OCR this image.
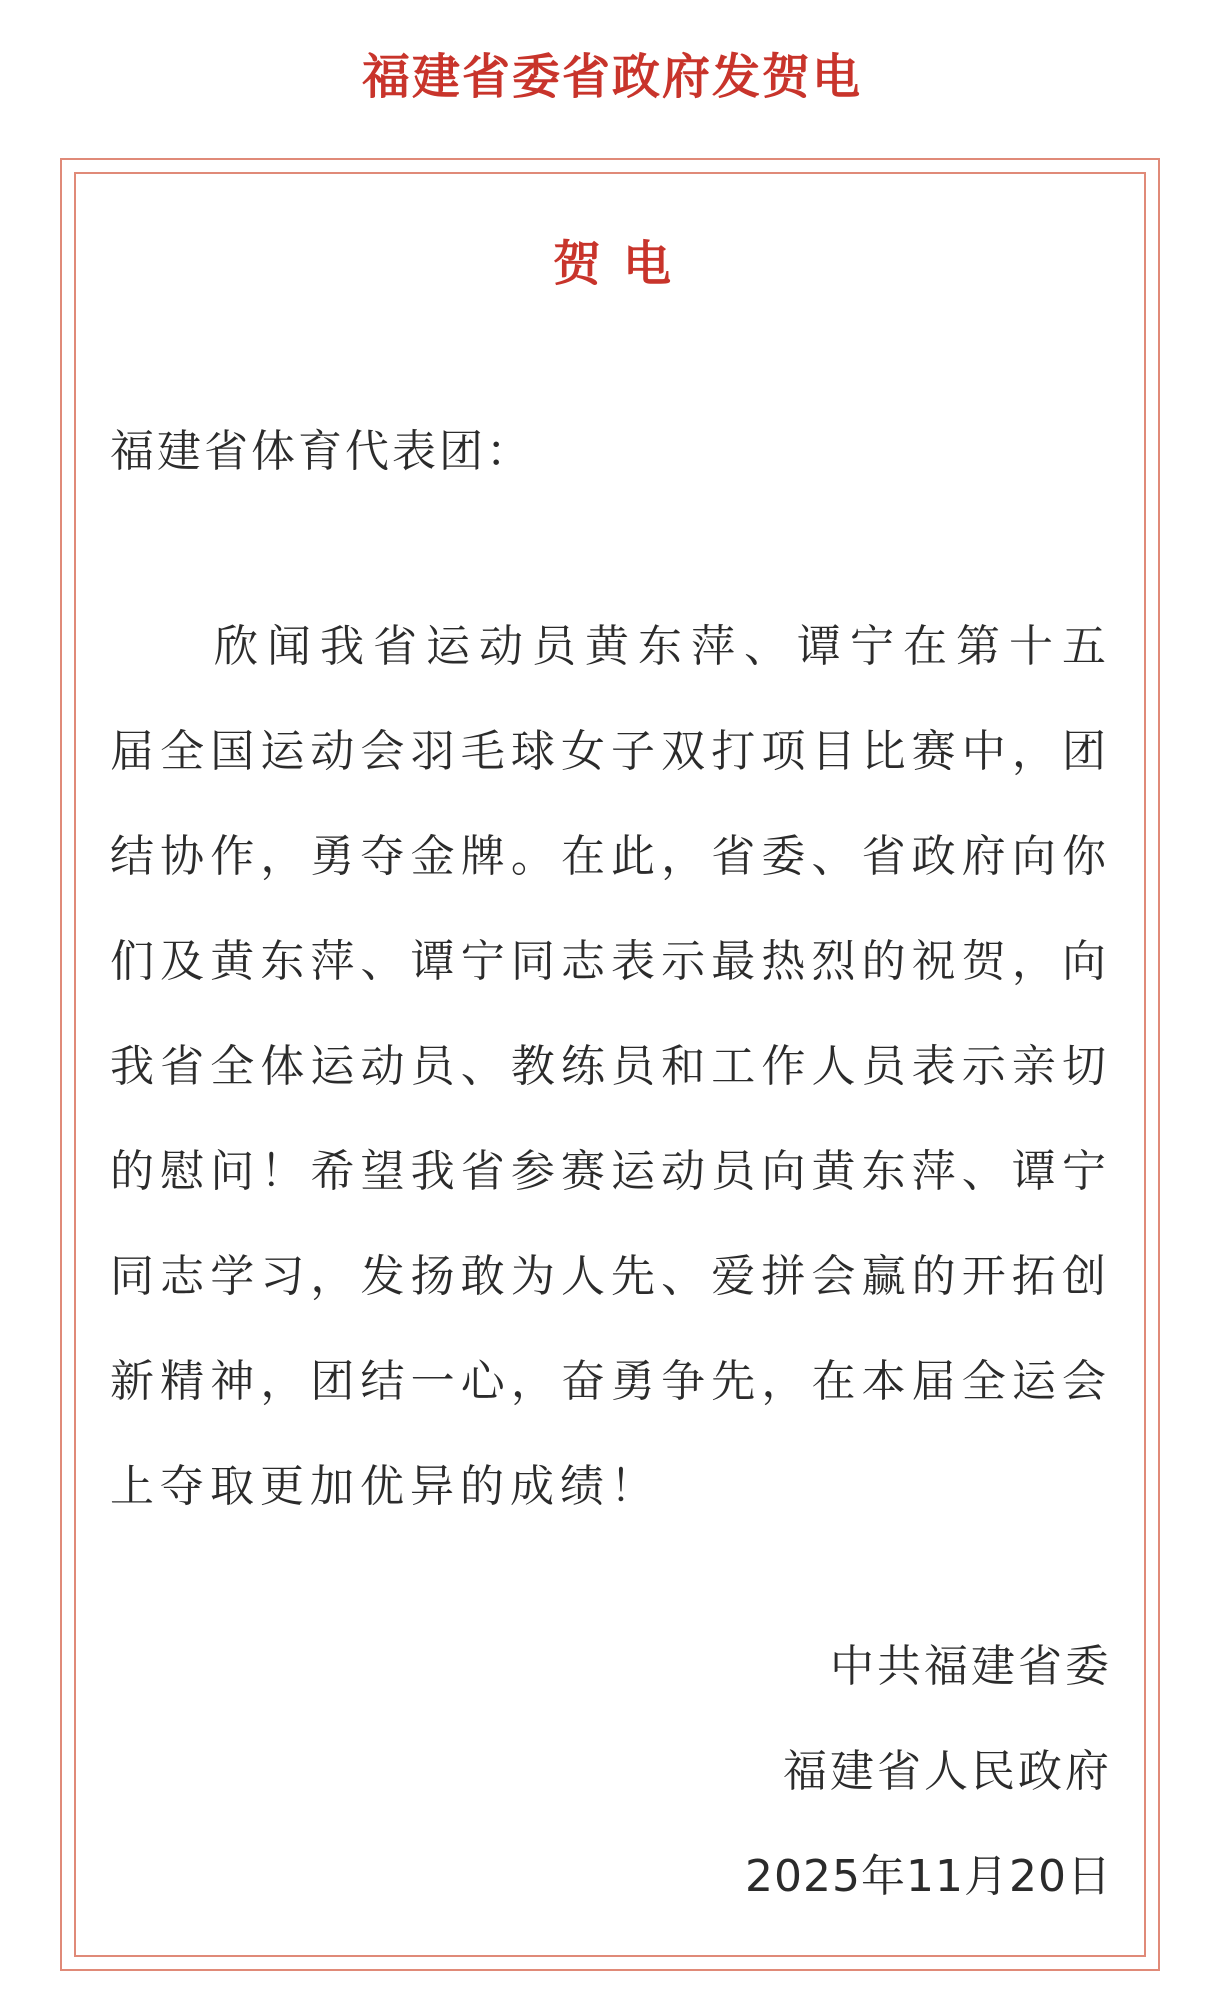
福建省委省政府发贺电
贺电
福建省体育代表团：

欣闻我省运动员黄东萍、谭宁在第十五届全国运动会羽毛球女子双打项目比赛中，团结协作，勇夺金牌。在此，省委、省政府向你们及黄东萍、谭宁同志表示最热烈的祝贺，向我省全体运动员、教练员和工作人员表示亲切的慰问！希望我省参赛运动员向黄东萍、谭宁同志学习，发扬敢为人先、爱拼会赢的开拓创新精神，团结一心，奋勇争先，在本届全运会上夺取更加优异的成绩！

中共福建省委
福建省人民政府
2025年11月20日
